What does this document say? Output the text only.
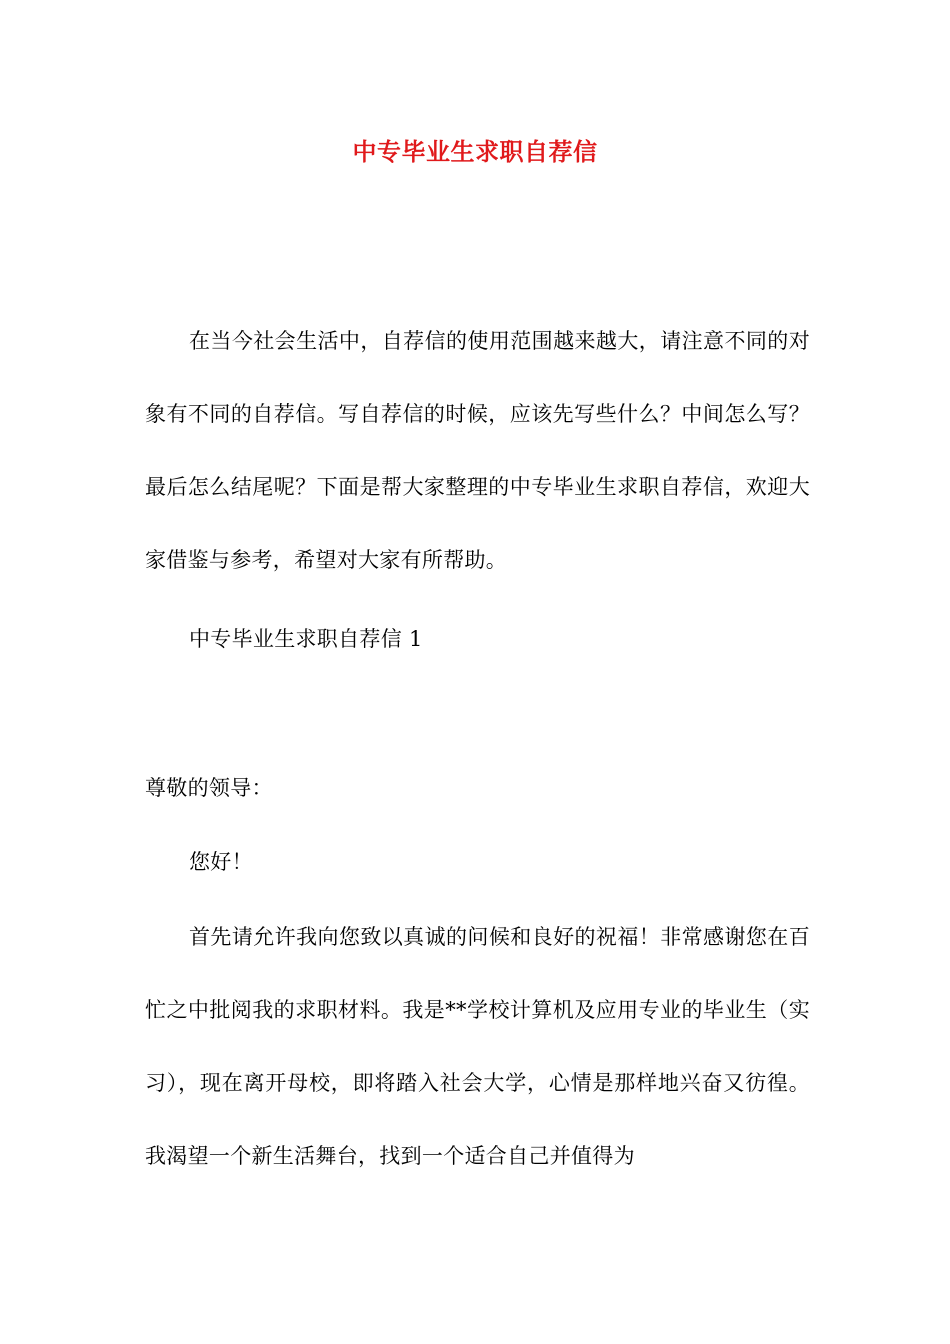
中专毕业生求职自荐信

在当今社会生活中，自荐信的使用范围越来越大，请注意不同的对象有不同的自荐信。写自荐信的时候，应该先写些什么？中间怎么写？最后怎么结尾呢？下面是帮大家整理的中专毕业生求职自荐信，欢迎大家借鉴与参考，希望对大家有所帮助。

中专毕业生求职自荐信 1

尊敬的领导：

您好！

首先请允许我向您致以真诚的问候和良好的祝福！非常感谢您在百忙之中批阅我的求职材料。我是**学校计算机及应用专业的毕业生（实习），现在离开母校，即将踏入社会大学，心情是那样地兴奋又彷徨。我渴望一个新生活舞台，找到一个适合自己并值得为
